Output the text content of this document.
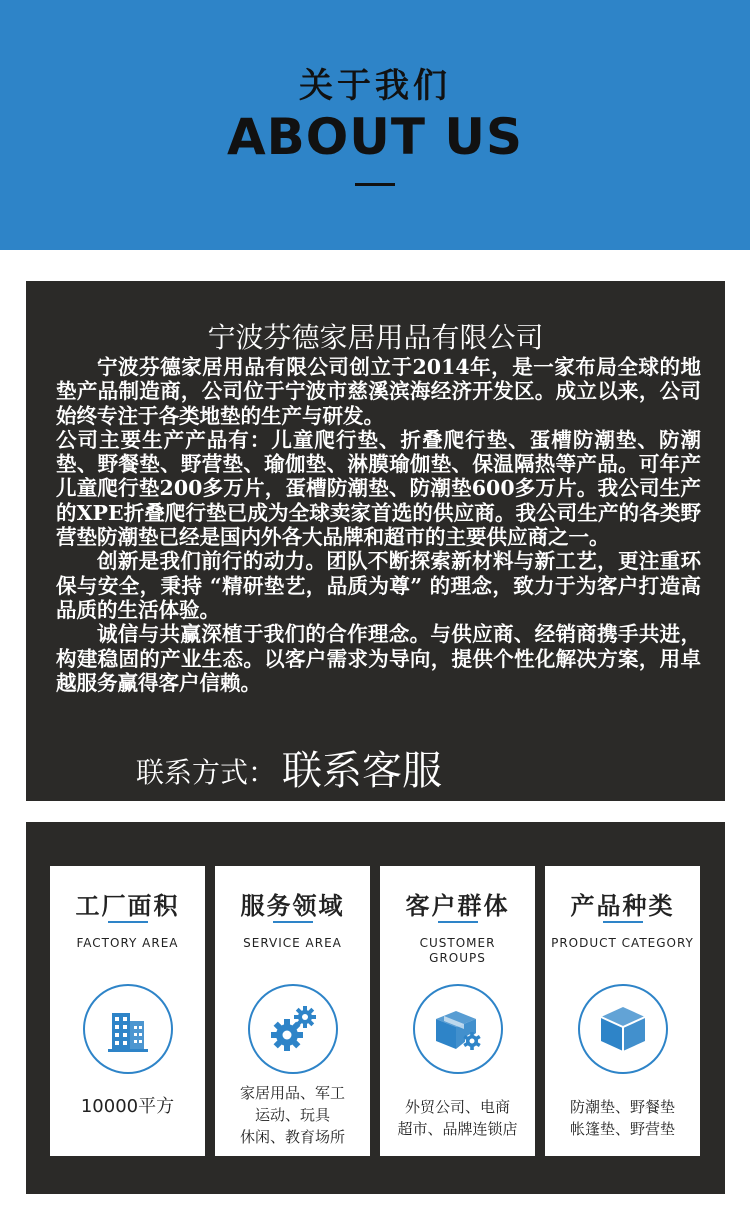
关于我们
ABOUT US
宁波芬德家居用品有限公司

宁波芬德家居用品有限公司创立于2014年，是一家布局全球的地垫产品制造商，公司位于宁波市慈溪滨海经济开发区。成立以来，公司始终专注于各类地垫的生产与研发。

公司主要生产产品有：儿童爬行垫、折叠爬行垫、蛋槽防潮垫、防潮垫、野餐垫、野营垫、瑜伽垫、淋膜瑜伽垫、保温隔热等产品。可年产儿童爬行垫200多万片，蛋槽防潮垫、防潮垫600多万片。我公司生产的XPE折叠爬行垫已成为全球卖家首选的供应商。我公司生产的各类野营垫防潮垫已经是国内外各大品牌和超市的主要供应商之一。

创新是我们前行的动力。团队不断探索新材料与新工艺，更注重环保与安全，秉持 “精研垫艺，品质为尊” 的理念，致力于为客户打造高品质的生活体验。

诚信与共赢深植于我们的合作理念。与供应商、经销商携手共进，构建稳固的产业生态。以客户需求为导向，提供个性化解决方案，用卓越服务赢得客户信赖。

联系方式： 联系客服
工厂面积
FACTORY AREA
10000平方
服务领域
SERVICE AREA
家居用品、军工
运动、玩具
休闲、教育场所
客户群体
CUSTOMER
GROUPS
外贸公司、电商
超市、品牌连锁店
产品种类
PRODUCT CATEGORY
防潮垫、野餐垫
帐篷垫、野营垫
